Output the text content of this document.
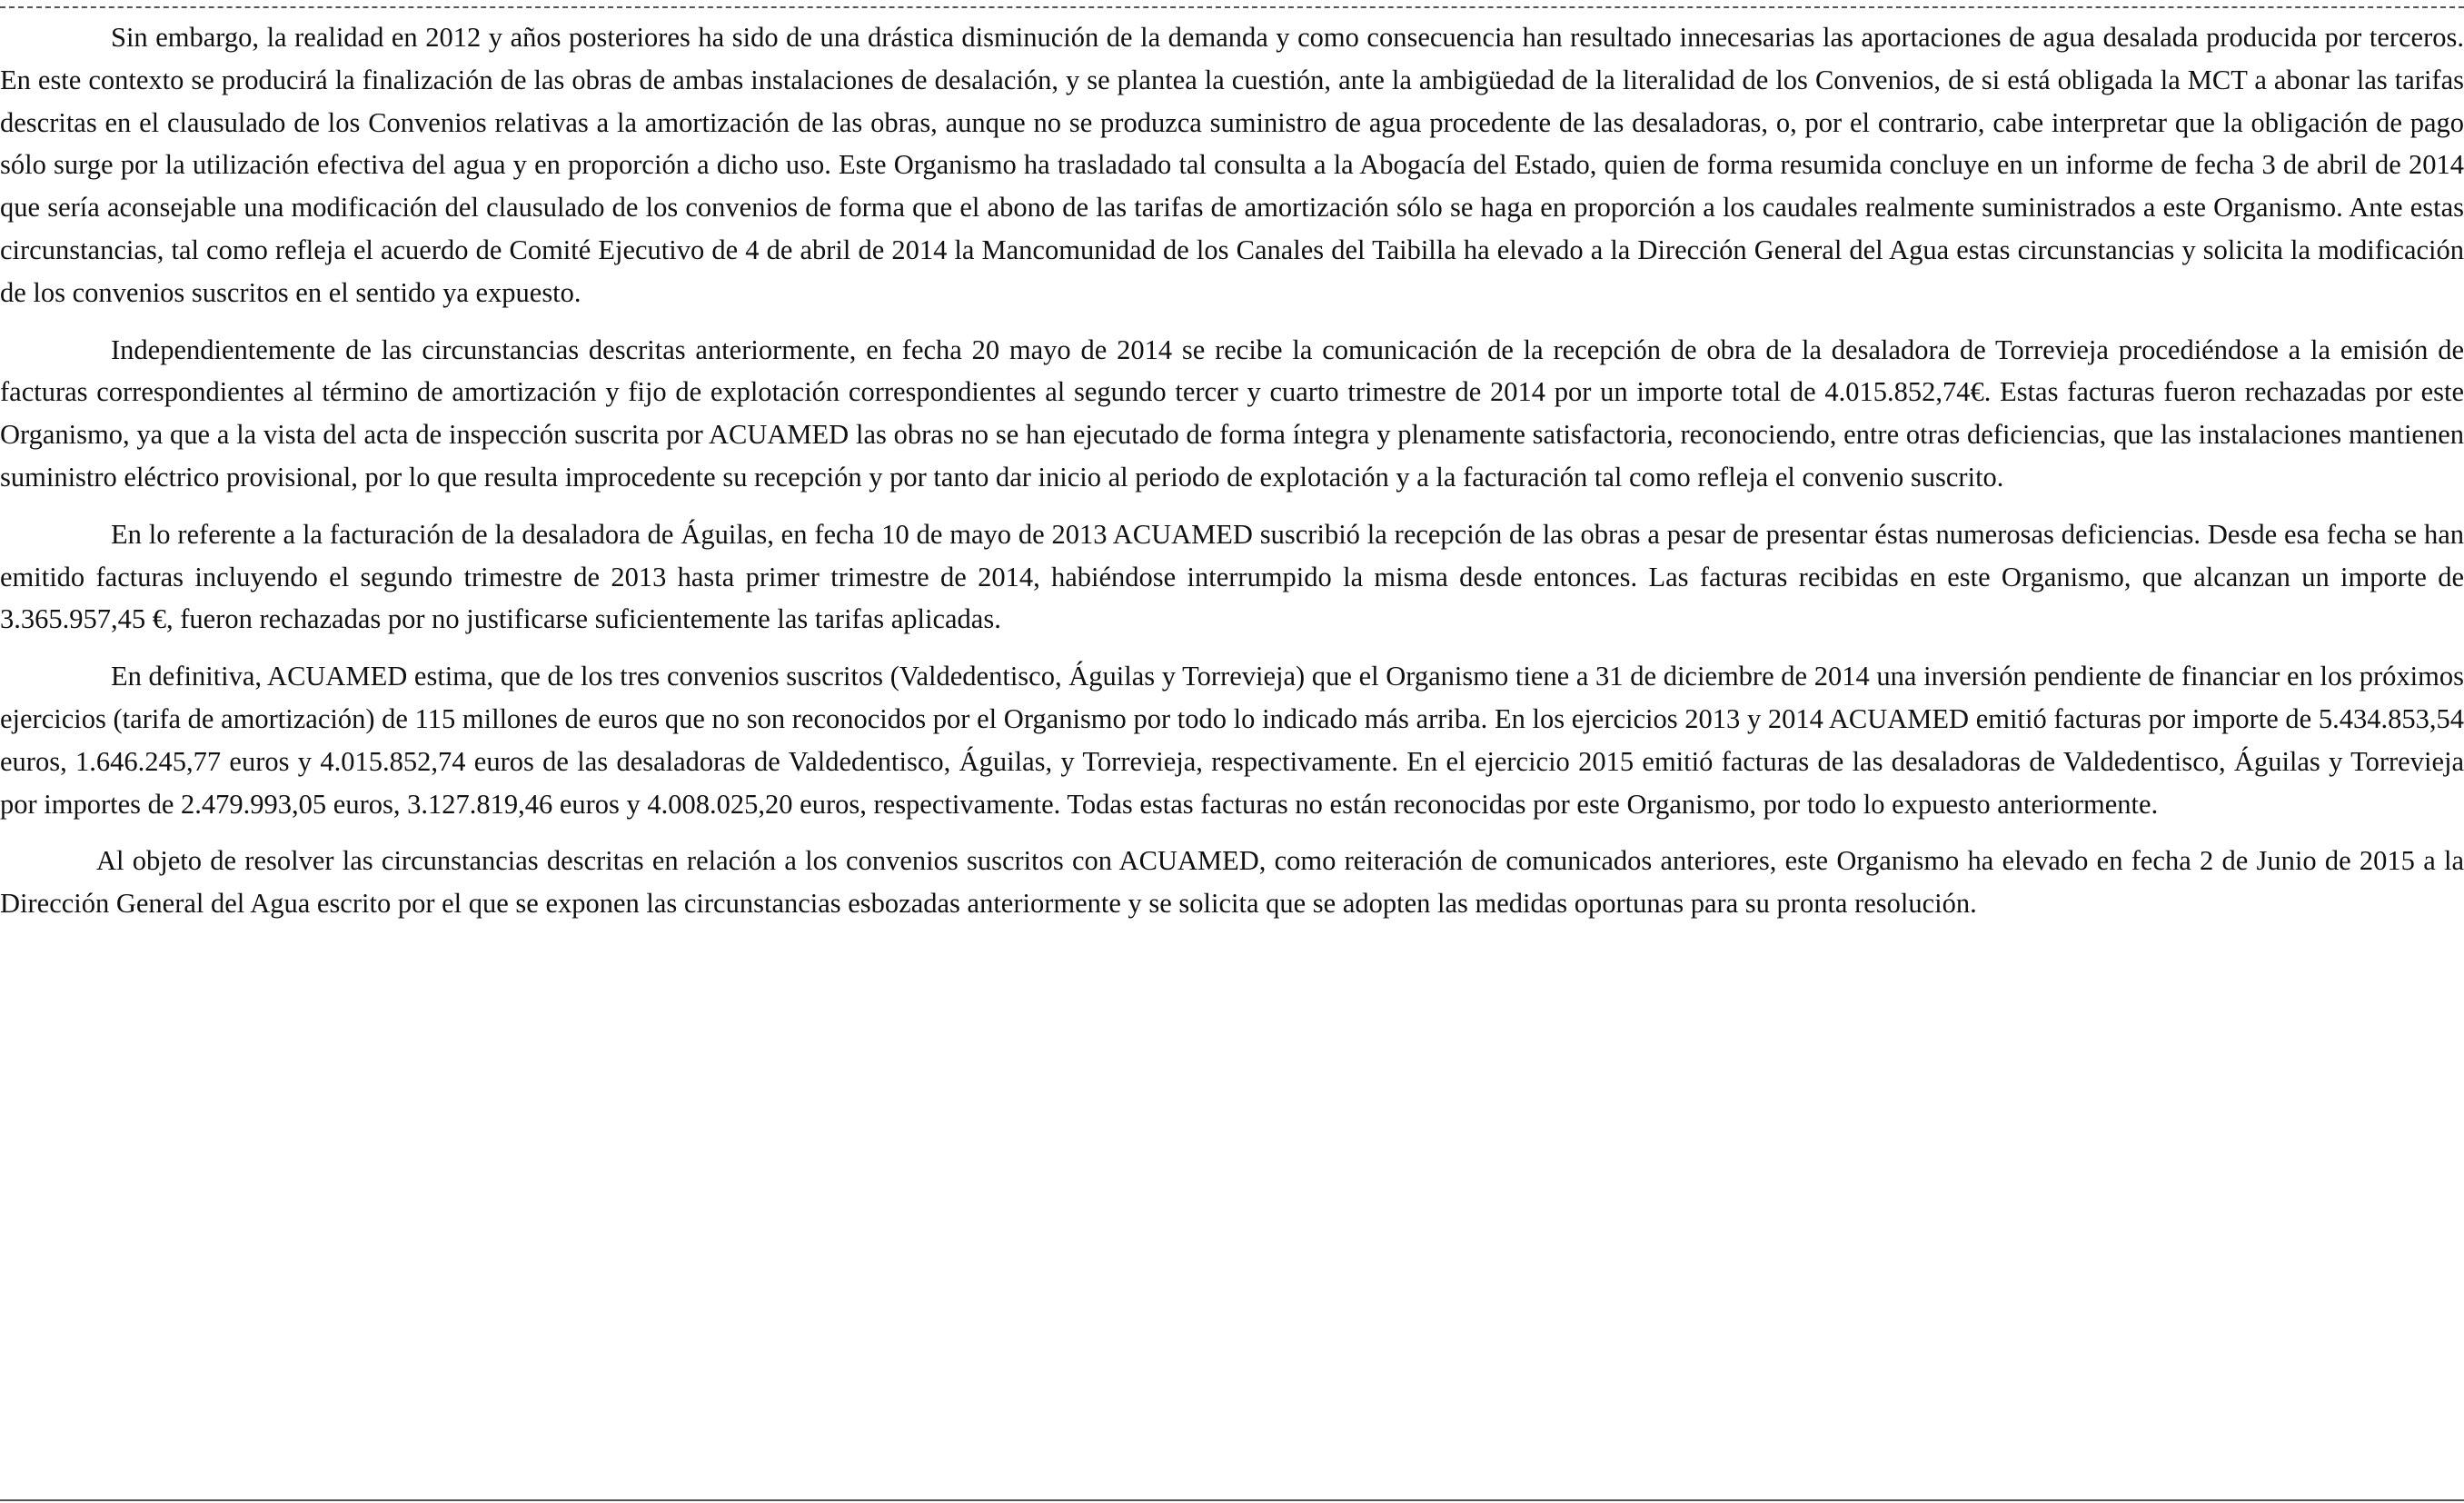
Sin embargo, la realidad en 2012 y años posteriores ha sido de una drástica disminución de la demanda y como consecuencia han resultado innecesarias las aportaciones de agua desalada producida por terceros. En este contexto se producirá la finalización de las obras de ambas instalaciones de desalación, y se plantea la cuestión, ante la ambigüedad de la literalidad de los Convenios, de si está obligada la MCT a abonar las tarifas descritas en el clausulado de los Convenios relativas a la amortización de las obras, aunque no se produzca suministro de agua procedente de las desaladoras, o, por el contrario, cabe interpretar que la obligación de pago sólo surge por la utilización efectiva del agua y en proporción a dicho uso. Este Organismo ha trasladado tal consulta a la Abogacía del Estado, quien de forma resumida concluye en un informe de fecha 3 de abril de 2014 que sería aconsejable una modificación del clausulado de los convenios de forma que el abono de las tarifas de amortización sólo se haga en proporción a los caudales realmente suministrados a este Organismo. Ante estas circunstancias, tal como refleja el acuerdo de Comité Ejecutivo de 4 de abril de 2014 la Mancomunidad de los Canales del Taibilla ha elevado a la Dirección General del Agua estas circunstancias y solicita la modificación de los convenios suscritos en el sentido ya expuesto.

Independientemente de las circunstancias descritas anteriormente, en fecha 20 mayo de 2014 se recibe la comunicación de la recepción de obra de la desaladora de Torrevieja procediéndose a la emisión de facturas correspondientes al término de amortización y fijo de explotación correspondientes al segundo tercer y cuarto trimestre de 2014 por un importe total de 4.015.852,74€. Estas facturas fueron rechazadas por este Organismo, ya que a la vista del acta de inspección suscrita por ACUAMED las obras no se han ejecutado de forma íntegra y plenamente satisfactoria, reconociendo, entre otras deficiencias, que las instalaciones mantienen suministro eléctrico provisional, por lo que resulta improcedente su recepción y por tanto dar inicio al periodo de explotación y a la facturación tal como refleja el convenio suscrito.

En lo referente a la facturación de la desaladora de Águilas, en fecha 10 de mayo de 2013 ACUAMED suscribió la recepción de las obras a pesar de presentar éstas numerosas deficiencias. Desde esa fecha se han emitido facturas incluyendo el segundo trimestre de 2013 hasta primer trimestre de 2014, habiéndose interrumpido la misma desde entonces. Las facturas recibidas en este Organismo, que alcanzan un importe de 3.365.957,45 €, fueron rechazadas por no justificarse suficientemente las tarifas aplicadas.

En definitiva, ACUAMED estima, que de los tres convenios suscritos (Valdedentisco, Águilas y Torrevieja) que el Organismo tiene a 31 de diciembre de 2014 una inversión pendiente de financiar en los próximos ejercicios (tarifa de amortización) de 115 millones de euros que no son reconocidos por el Organismo por todo lo indicado más arriba. En los ejercicios 2013 y 2014 ACUAMED emitió facturas por importe de 5.434.853,54 euros, 1.646.245,77 euros y 4.015.852,74 euros de las desaladoras de Valdedentisco, Águilas, y Torrevieja, respectivamente. En el ejercicio 2015 emitió facturas de las desaladoras de Valdedentisco, Águilas y Torrevieja por importes de 2.479.993,05 euros, 3.127.819,46 euros y 4.008.025,20 euros, respectivamente. Todas estas facturas no están reconocidas por este Organismo, por todo lo expuesto anteriormente.

Al objeto de resolver las circunstancias descritas en relación a los convenios suscritos con ACUAMED, como reiteración de comunicados anteriores, este Organismo ha elevado en fecha 2 de Junio de 2015 a la Dirección General del Agua escrito por el que se exponen las circunstancias esbozadas anteriormente y se solicita que se adopten las medidas oportunas para su pronta resolución.
